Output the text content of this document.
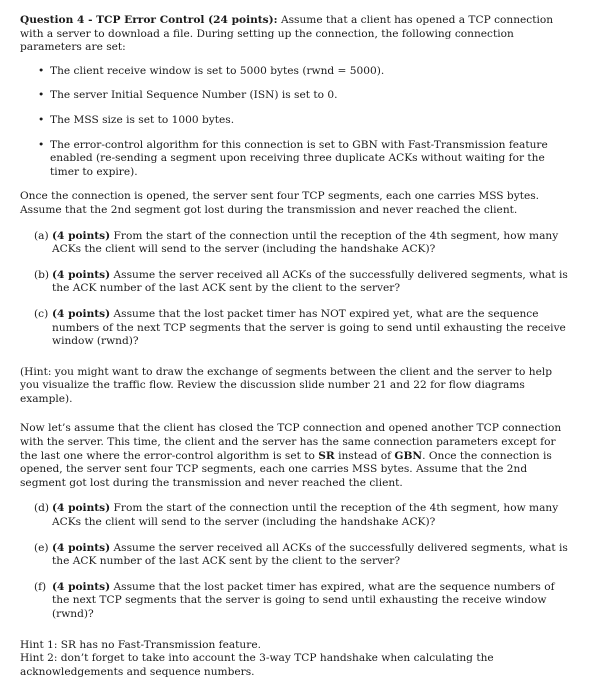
Question 4 - TCP Error Control (24 points): Assume that a client has opened a TCP connection with a server to download a file. During setting up the connection, the following connection parameters are set:

• The client receive window is set to 5000 bytes (rwnd = 5000).
• The server Initial Sequence Number (ISN) is set to 0.
• The MSS size is set to 1000 bytes.
• The error-control algorithm for this connection is set to GBN with Fast-Transmission feature enabled (re-sending a segment upon receiving three duplicate ACKs without waiting for the timer to expire).

Once the connection is opened, the server sent four TCP segments, each one carries MSS bytes. Assume that the 2nd segment got lost during the transmission and never reached the client.

(a) (4 points) From the start of the connection until the reception of the 4th segment, how many ACKs the client will send to the server (including the handshake ACK)?
(b) (4 points) Assume the server received all ACKs of the successfully delivered segments, what is the ACK number of the last ACK sent by the client to the server?
(c) (4 points) Assume that the lost packet timer has NOT expired yet, what are the sequence numbers of the next TCP segments that the server is going to send until exhausting the receive window (rwnd)?

(Hint: you might want to draw the exchange of segments between the client and the server to help you visualize the traffic flow. Review the discussion slide number 21 and 22 for flow diagrams example).

Now let’s assume that the client has closed the TCP connection and opened another TCP connection with the server. This time, the client and the server has the same connection parameters except for the last one where the error-control algorithm is set to SR instead of GBN. Once the connection is opened, the server sent four TCP segments, each one carries MSS bytes. Assume that the 2nd segment got lost during the transmission and never reached the client.

(d) (4 points) From the start of the connection until the reception of the 4th segment, how many ACKs the client will send to the server (including the handshake ACK)?
(e) (4 points) Assume the server received all ACKs of the successfully delivered segments, what is the ACK number of the last ACK sent by the client to the server?
(f) (4 points) Assume that the lost packet timer has expired, what are the sequence numbers of the next TCP segments that the server is going to send until exhausting the receive window (rwnd)?

Hint 1: SR has no Fast-Transmission feature.

Hint 2: don’t forget to take into account the 3-way TCP handshake when calculating the acknowledgements and sequence numbers.
